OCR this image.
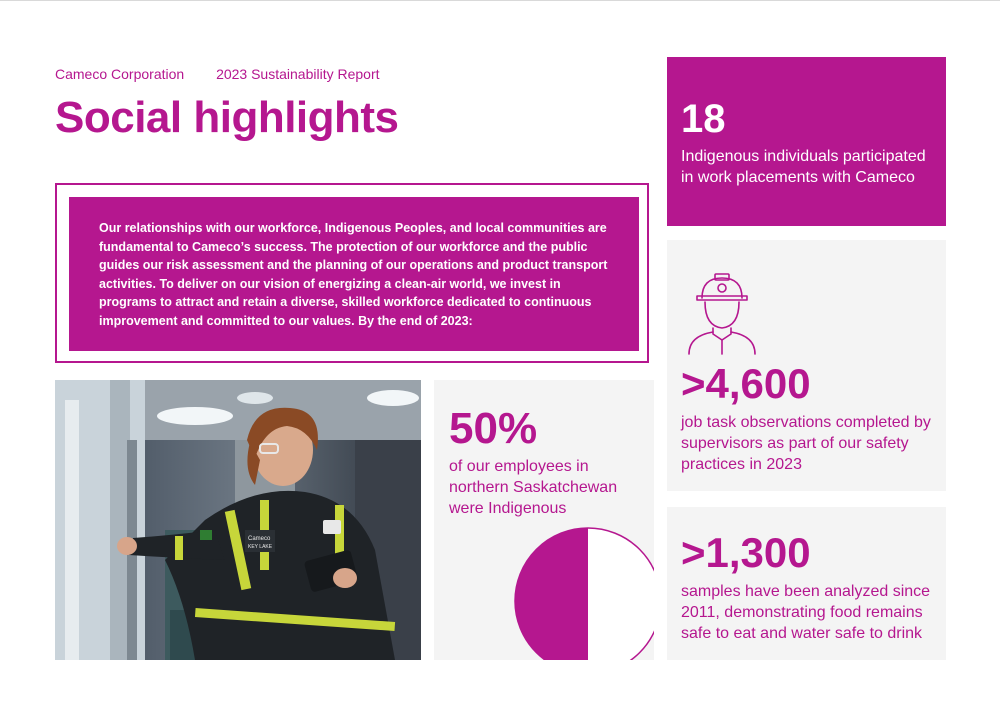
Cameco Corporation 2023 Sustainability Report
Social highlights
Our relationships with our workforce, Indigenous Peoples, and local communities are fundamental to Cameco’s success. The protection of our workforce and the public guides our risk assessment and the planning of our operations and product transport activities. To deliver on our vision of energizing a clean-air world, we invest in programs to attract and retain a diverse, skilled workforce dedicated to continuous improvement and committed to our values. By the end of 2023:
Cameco
KEY LAKE
50%
of our employees in northern Saskatchewan were Indigenous
18
Indigenous individuals participated in work placements with Cameco
>4,600
job task observations completed by supervisors as part of our safety practices in 2023
>1,300
samples have been analyzed since 2011, demonstrating food remains safe to eat and water safe to drink
